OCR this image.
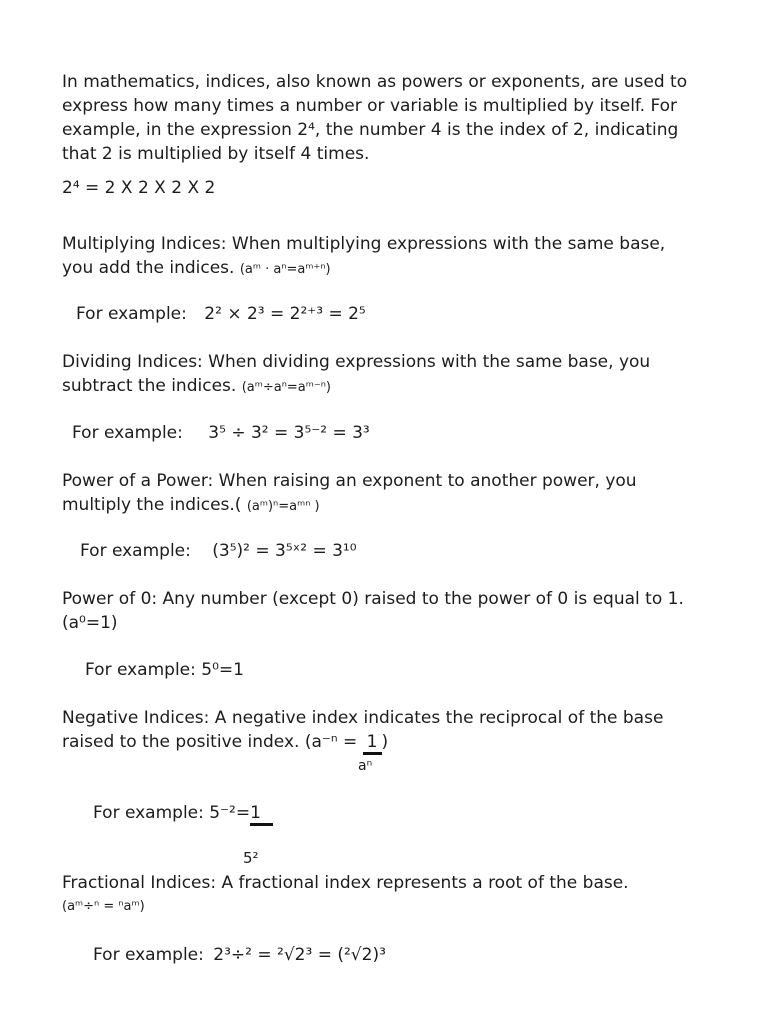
In mathematics, indices, also known as powers or exponents, are used to
express how many times a number or variable is multiplied by itself. For
example, in the expression 2⁴, the number 4 is the index of 2, indicating
that 2 is multiplied by itself 4 times.
2⁴ = 2 X 2 X 2 X 2
Multiplying Indices: When multiplying expressions with the same base,
you add the indices. (aᵐ · aⁿ=aᵐ⁺ⁿ)
For example: 2² × 2³ = 2²⁺³ = 2⁵
Dividing Indices: When dividing expressions with the same base, you
subtract the indices. (aᵐ÷aⁿ=aᵐ⁻ⁿ)
For example: 3⁵ ÷ 3² = 3⁵⁻² = 3³
Power of a Power: When raising an exponent to another power, you
multiply the indices.( (aᵐ)ⁿ=aᵐⁿ )
For example: (3⁵)² = 3⁵ˣ² = 3¹⁰
Power of 0: Any number (except 0) raised to the power of 0 is equal to 1.
(a⁰=1)
For example: 5⁰=1
Negative Indices: A negative index indicates the reciprocal of the base
raised to the positive index. (a⁻ⁿ = 1 )
aⁿ
For example: 5⁻²=1
5²
Fractional Indices: A fractional index represents a root of the base.
(aᵐ÷ⁿ = ⁿaᵐ)
For example: 2³÷² = ²√2³ = (²√2)³
